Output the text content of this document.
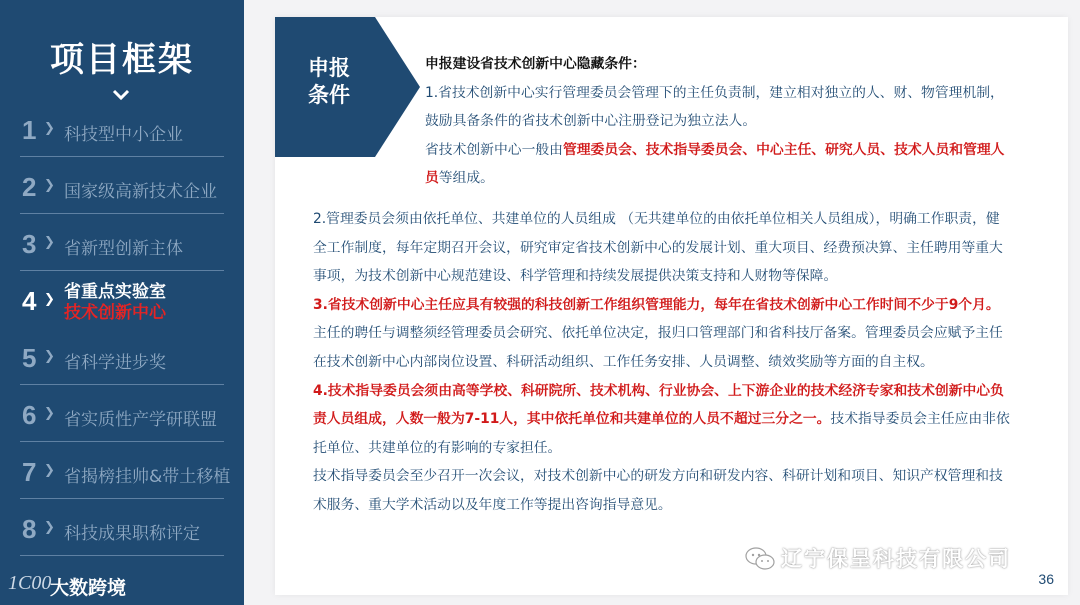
项目框架
1 ❯ 科技型中小企业
2 ❯ 国家级高新技术企业
3 ❯ 省新型创新主体
4 ❯ 省重点实验室
技术创新中心
5 ❯ 省科学进步奖
6 ❯ 省实质性产学研联盟
7 ❯ 省揭榜挂帅&带土移植
8 ❯ 科技成果职称评定
1C00
大数跨境
申报条件

申报建设省技术创新中心隐藏条件：

1.省技术创新中心实行管理委员会管理下的主任负责制，建立相对独立的人、财、物管理机制，鼓励具备条件的省技术创新中心注册登记为独立法人。

省技术创新中心一般由管理委员会、技术指导委员会、中心主任、研究人员、技术人员和管理人员等组成。

2.管理委员会须由依托单位、共建单位的人员组成 （无共建单位的由依托单位相关人员组成），明确工作职责，健全工作制度，每年定期召开会议，研究审定省技术创新中心的发展计划、重大项目、经费预决算、主任聘用等重大事项，为技术创新中心规范建设、科学管理和持续发展提供决策支持和人财物等保障。

3.省技术创新中心主任应具有较强的科技创新工作组织管理能力，每年在省技术创新中心工作时间不少于9个月。主任的聘任与调整须经管理委员会研究、依托单位决定，报归口管理部门和省科技厅备案。管理委员会应赋予主任在技术创新中心内部岗位设置、科研活动组织、工作任务安排、人员调整、绩效奖励等方面的自主权。

4.技术指导委员会须由高等学校、科研院所、技术机构、行业协会、上下游企业的技术经济专家和技术创新中心负责人员组成，人数一般为7-11人，其中依托单位和共建单位的人员不超过三分之一。技术指导委员会主任应由非依托单位、共建单位的有影响的专家担任。

技术指导委员会至少召开一次会议，对技术创新中心的研发方向和研发内容、科研计划和项目、知识产权管理和技术服务、重大学术活动以及年度工作等提出咨询指导意见。

辽宁保呈科技有限公司
36
